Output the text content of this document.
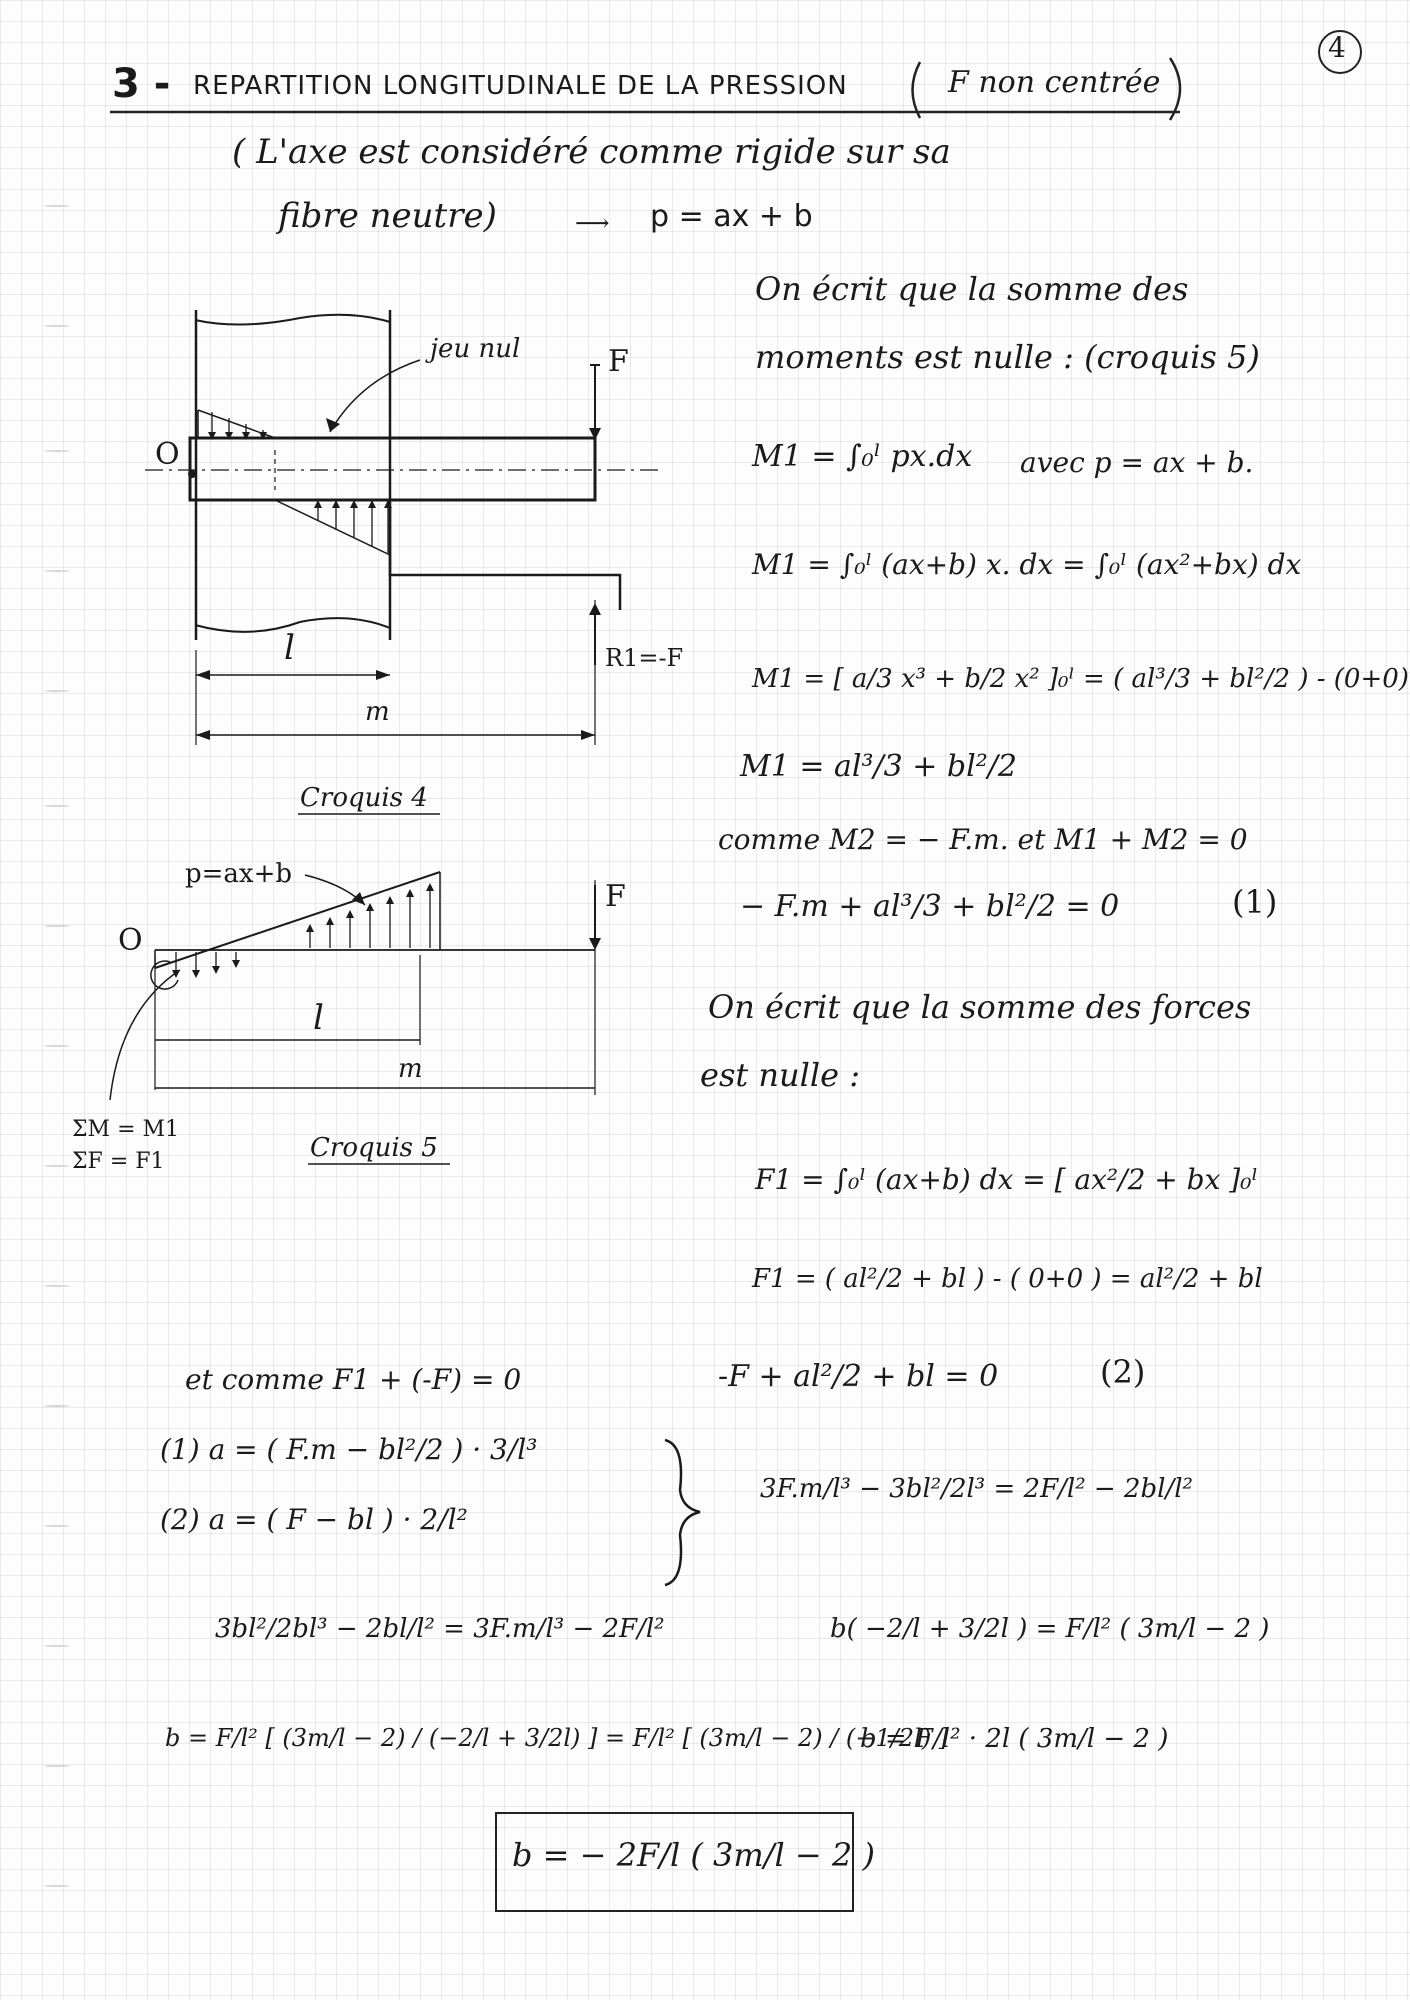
4
3 - REPARTITION LONGITUDINALE DE LA PRESSION	F non centrée
( L'axe est considéré comme rigide sur sa
fibre neutre)	⟶ p = ax + b
O
jeu nul	F
R1=-F
l
m
Croquis 4
p=ax+b
O
F
l
m
ΣM = M1
ΣF = F1	Croquis 5
On écrit que la somme des
moments est nulle : (croquis 5)
M1 = ∫₀ˡ px.dx avec p = ax + b.
M1 = ∫₀ˡ (ax+b) x. dx = ∫₀ˡ (ax²+bx) dx
M1 = [ a/3 x³ + b/2 x² ]₀ˡ = ( al³/3 + bl²/2 ) - (0+0)
M1 = al³/3 + bl²/2
comme M2 = − F.m. et M1 + M2 = 0
− F.m + al³/3 + bl²/2 = 0	(1)
On écrit que la somme des forces
est nulle :
F1 = ∫₀ˡ (ax+b) dx = [ ax²/2 + bx ]₀ˡ
F1 = ( al²/2 + bl ) - ( 0+0 ) = al²/2 + bl
-F + al²/2 + bl = 0	(2)
et comme F1 + (-F) = 0
(1) a = ( F.m − bl²/2 ) · 3/l³
(2) a = ( F − bl ) · 2/l²
3F.m/l³ − 3bl²/2l³ = 2F/l² − 2bl/l²
3bl²/2bl³ − 2bl/l² = 3F.m/l³ − 2F/l²	b( −2/l + 3/2l ) = F/l² ( 3m/l − 2 )
b = F/l² [ (3m/l − 2) / (−2/l + 3/2l) ] = F/l² [ (3m/l − 2) / (−1/2l) ]
b = F/l² · 2l ( 3m/l − 2 )
b = − 2F/l ( 3m/l − 2 )
